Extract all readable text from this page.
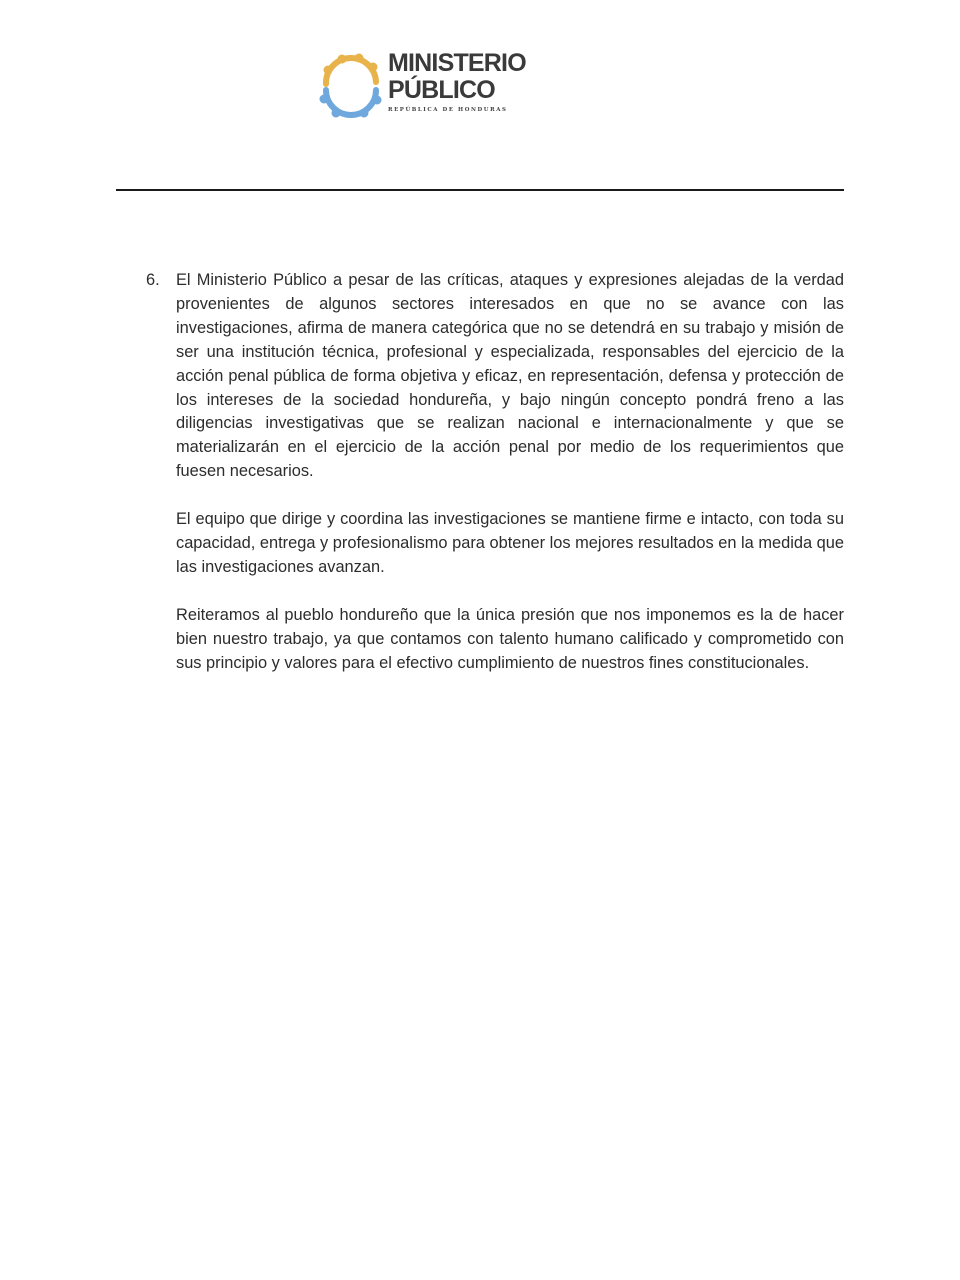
MINISTERIO
PÚBLICO
REPÚBLICA DE HONDURAS
6. El Ministerio Público a pesar de las críticas, ataques y expresiones alejadas de la verdad provenientes de algunos sectores interesados en que no se avance con las investigaciones, afirma de manera categórica que no se detendrá en su trabajo y misión de ser una institución técnica, profesional y especializada, responsables del ejercicio de la acción penal pública de forma objetiva y eficaz, en representación, defensa y protección de los intereses de la sociedad hondureña, y bajo ningún concepto pondrá freno a las diligencias investigativas que se realizan nacional e internacionalmente y que se materializarán en el ejercicio de la acción penal por medio de los requerimientos que fuesen necesarios.

El equipo que dirige y coordina las investigaciones se mantiene firme e intacto, con toda su capacidad, entrega y profesionalismo para obtener los mejores resultados en la medida que las investigaciones avanzan.

Reiteramos al pueblo hondureño que la única presión que nos imponemos es la de hacer bien nuestro trabajo, ya que contamos con talento humano calificado y comprometido con sus principio y valores para el efectivo cumplimiento de nuestros fines constitucionales.
